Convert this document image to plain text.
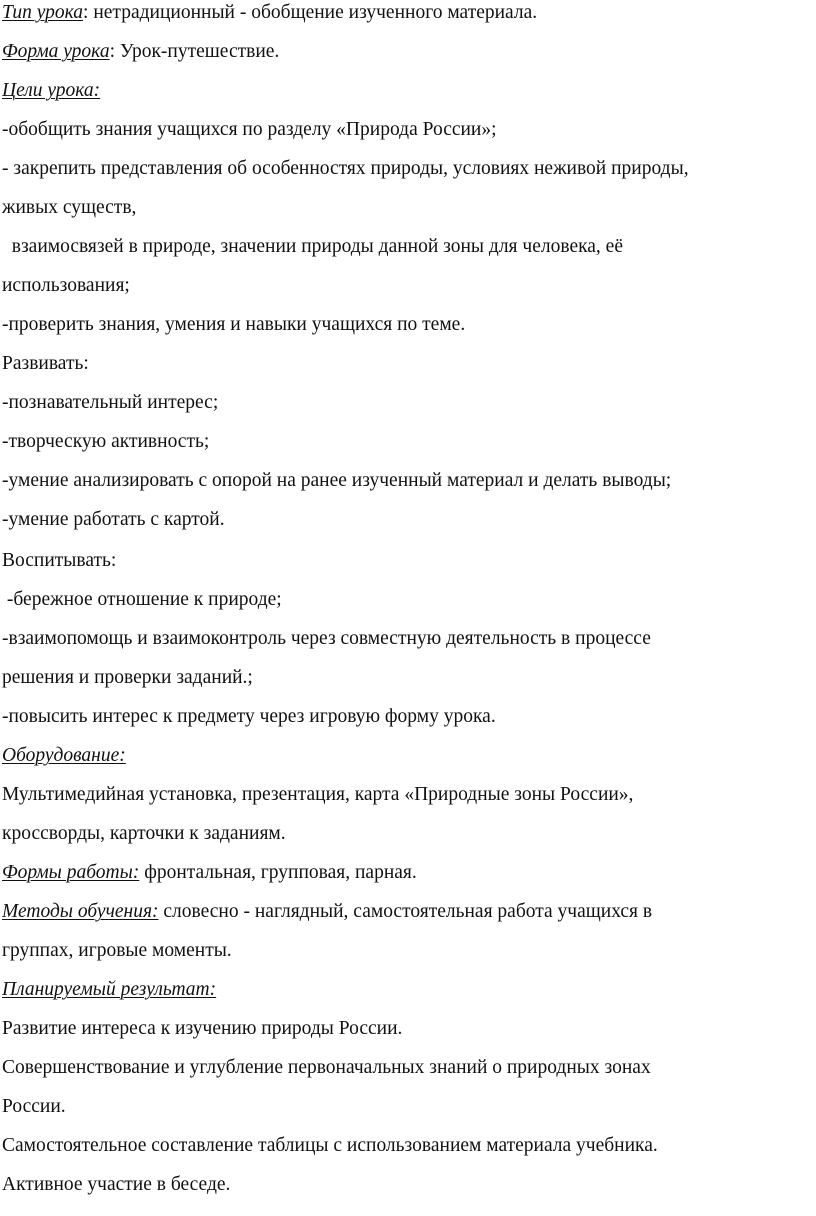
Тип урока: нетрадиционный - обобщение изученного материала.
Форма урока: Урок-путешествие.
Цели урока:
-обобщить знания учащихся по разделу «Природа России»;
- закрепить представления об особенностях природы, условиях неживой природы,
живых существ,
взаимосвязей в природе, значении природы данной зоны для человека, её
использования;
-проверить знания, умения и навыки учащихся по теме.
Развивать:
-познавательный интерес;
-творческую активность;
-умение анализировать с опорой на ранее изученный материал и делать выводы;
-умение работать с картой.
Воспитывать:
-бережное отношение к природе;
-взаимопомощь и взаимоконтроль через совместную деятельность в процессе
решения и проверки заданий.;
-повысить интерес к предмету через игровую форму урока.
Оборудование:
Мультимедийная установка, презентация, карта «Природные зоны России»,
кроссворды, карточки к заданиям.
Формы работы: фронтальная, групповая, парная.
Методы обучения: словесно - наглядный, самостоятельная работа учащихся в
группах, игровые моменты.
Планируемый результат:
Развитие интереса к изучению природы России.
Совершенствование и углубление первоначальных знаний о природных зонах
России.
Самостоятельное составление таблицы с использованием материала учебника.
Активное участие в беседе.
